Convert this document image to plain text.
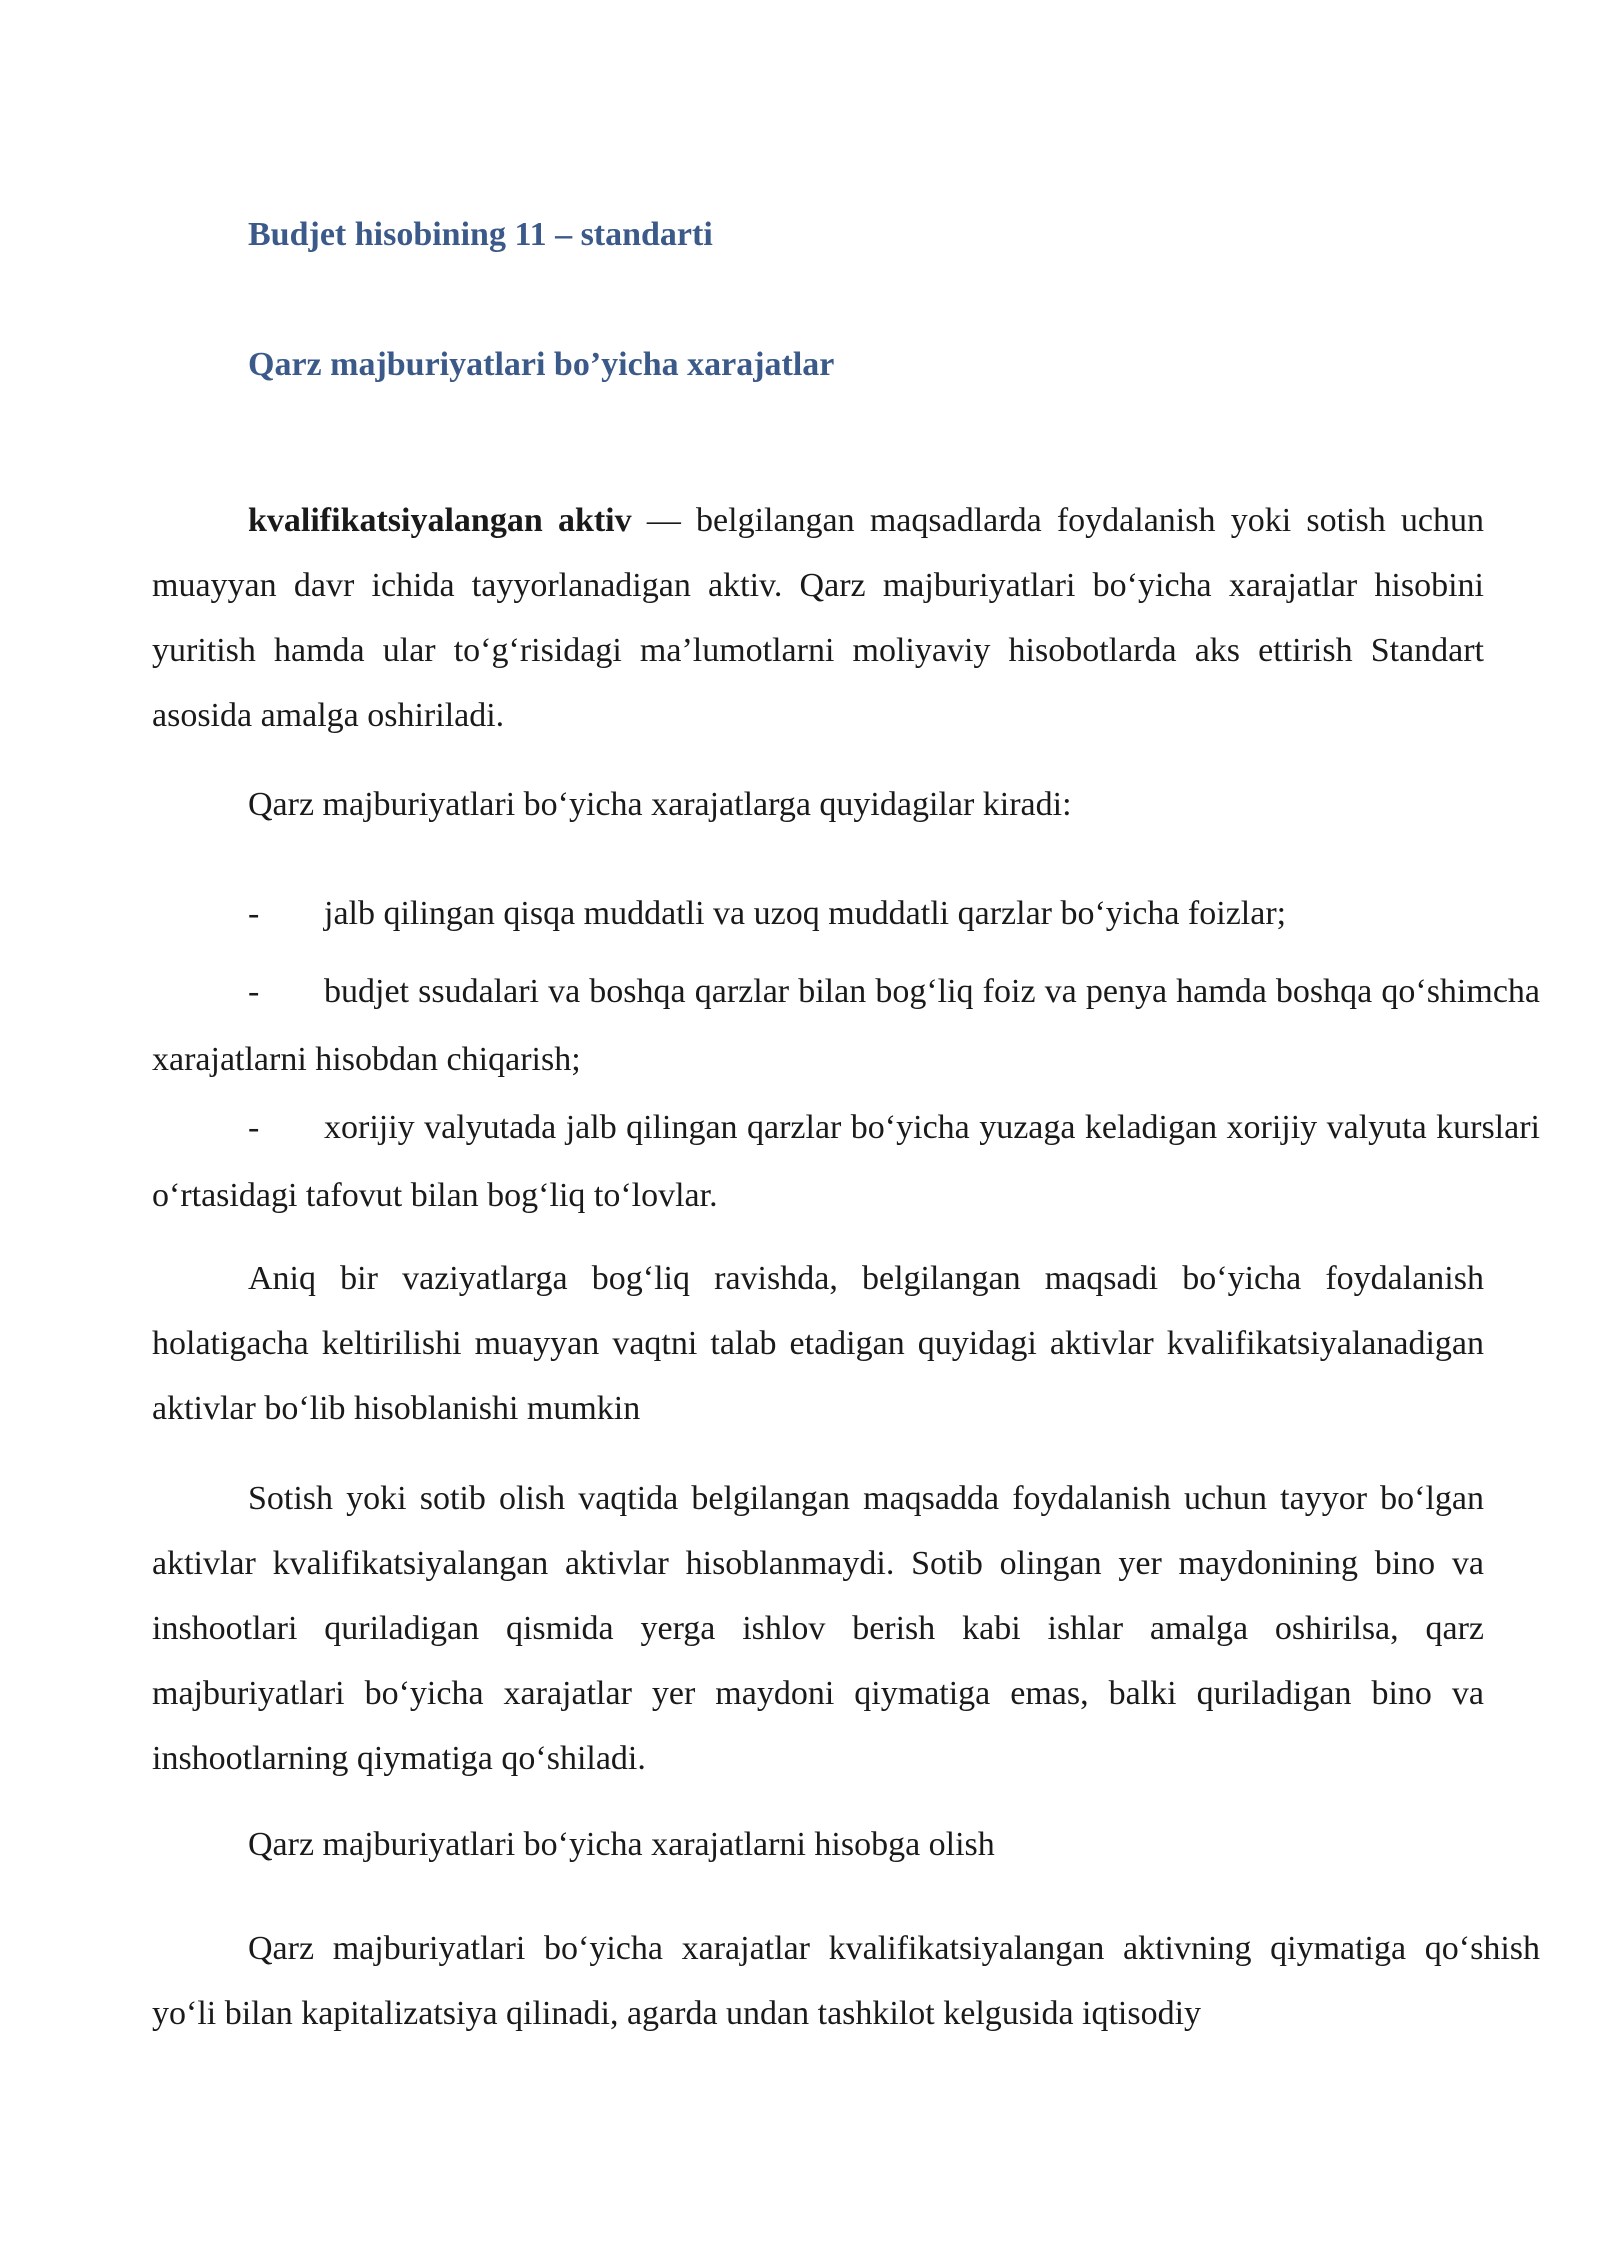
Budjet hisobining 11 – standarti
Qarz majburiyatlari bo’yicha xarajatlar

kvalifikatsiyalangan aktiv — belgilangan maqsadlarda foydalanish yoki sotish uchun muayyan davr ichida tayyorlanadigan aktiv. Qarz majburiyatlari bo‘yicha xarajatlar hisobini yuritish hamda ular to‘g‘risidagi ma’lumotlarni moliyaviy hisobotlarda aks ettirish Standart asosida amalga oshiriladi.

Qarz majburiyatlari bo‘yicha xarajatlarga quyidagilar kiradi:

- jalb qilingan qisqa muddatli va uzoq muddatli qarzlar bo‘yicha foizlar;

- budjet ssudalari va boshqa qarzlar bilan bog‘liq foiz va penya hamda boshqa qo‘shimcha xarajatlarni hisobdan chiqarish;

- xorijiy valyutada jalb qilingan qarzlar bo‘yicha yuzaga keladigan xorijiy valyuta kurslari o‘rtasidagi tafovut bilan bog‘liq to‘lovlar.

Aniq bir vaziyatlarga bog‘liq ravishda, belgilangan maqsadi bo‘yicha foydalanish holatigacha keltirilishi muayyan vaqtni talab etadigan quyidagi aktivlar kvalifikatsiyalanadigan aktivlar bo‘lib hisoblanishi mumkin

Sotish yoki sotib olish vaqtida belgilangan maqsadda foydalanish uchun tayyor bo‘lgan aktivlar kvalifikatsiyalangan aktivlar hisoblanmaydi. Sotib olingan yer maydonining bino va inshootlari quriladigan qismida yerga ishlov berish kabi ishlar amalga oshirilsa, qarz majburiyatlari bo‘yicha xarajatlar yer maydoni qiymatiga emas, balki quriladigan bino va inshootlarning qiymatiga qo‘shiladi.

Qarz majburiyatlari bo‘yicha xarajatlarni hisobga olish

Qarz majburiyatlari bo‘yicha xarajatlar kvalifikatsiyalangan aktivning qiymatiga qo‘shish yo‘li bilan kapitalizatsiya qilinadi, agarda undan tashkilot kelgusida iqtisodiy
